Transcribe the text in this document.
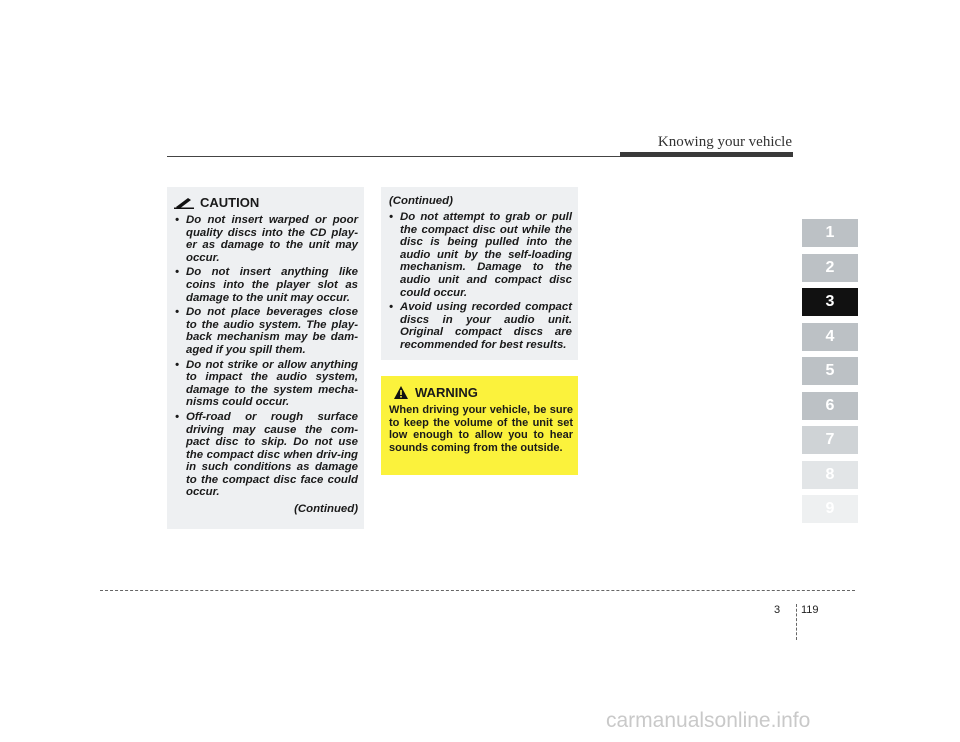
Knowing your vehicle
1
2
3
4
5
6
7
8
9
CAUTION
• Do not insert warped or poor quality discs into the CD play-er as damage to the unit may occur.
• Do not insert anything like coins into the player slot as damage to the unit may occur.
• Do not place beverages close to the audio system. The play-back mechanism may be dam-aged if you spill them.
• Do not strike or allow anything to impact the audio system, damage to the system mecha-nisms could occur.
• Off-road or rough surface driving may cause the com-pact disc to skip. Do not use the compact disc when driv-ing in such conditions as damage to the compact disc face could occur.
(Continued)
(Continued)
• Do not attempt to grab or pull the compact disc out while the disc is being pulled into the audio unit by the self-loading mechanism. Damage to the audio unit and compact disc could occur.
• Avoid using recorded compact discs in your audio unit. Original compact discs are recommended for best results.
WARNING
When driving your vehicle, be sure to keep the volume of the unit set low enough to allow you to hear sounds coming from the outside.
3 119
carmanualsonline.info
